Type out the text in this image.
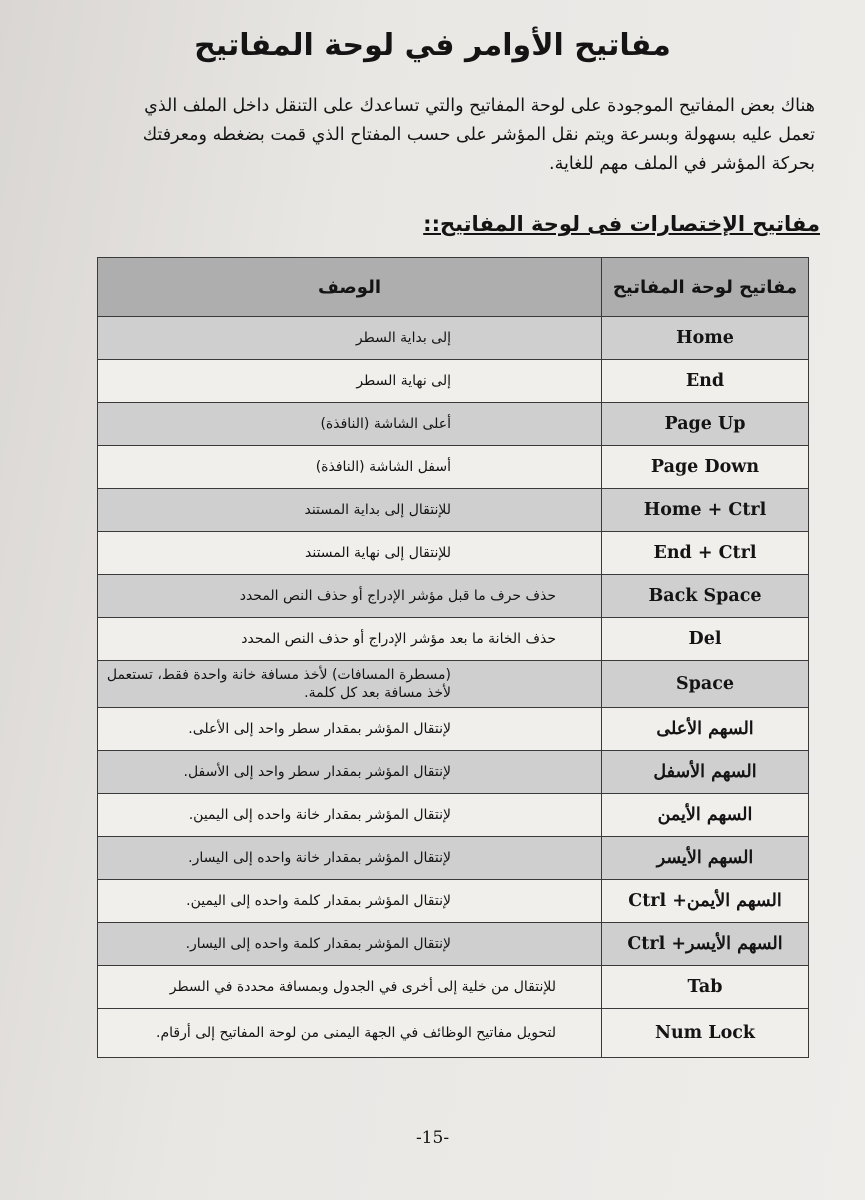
مفاتيح الأوامر في لوحة المفاتيح
هناك بعض المفاتيح الموجودة على لوحة المفاتيح والتي تساعدك على التنقل داخل الملف الذي
تعمل عليه بسهولة وبسرعة ويتم نقل المؤشر على حسب المفتاح الذي قمت بضغطه ومعرفتك
بحركة المؤشر في الملف مهم للغاية.
مفاتيح الإختصارات فى لوحة المفاتيح::
مفاتيح لوحة المفاتيح	الوصف
Home	إلى بداية السطر
End	إلى نهاية السطر
Page Up	أعلى الشاشة (النافذة)
Page Down	أسفل الشاشة (النافذة)
Home + Ctrl	للإنتقال إلى بداية المستند
End + Ctrl	للإنتقال إلى نهاية المستند
Back Space	حذف حرف ما قبل مؤشر الإدراج أو حذف النص المحدد
Del	حذف الخانة ما بعد مؤشر الإدراج أو حذف النص المحدد
Space	(مسطرة المسافات) لأخذ مسافة خانة واحدة فقط، تستعمل لأخذ مسافة بعد كل كلمة.
السهم الأعلى	لإنتقال المؤشر بمقدار سطر واحد إلى الأعلى.
السهم الأسفل	لإنتقال المؤشر بمقدار سطر واحد إلى الأسفل.
السهم الأيمن	لإنتقال المؤشر بمقدار خانة واحده إلى اليمين.
السهم الأيسر	لإنتقال المؤشر بمقدار خانة واحده إلى اليسار.
السهم الأيمن+ Ctrl	لإنتقال المؤشر بمقدار كلمة واحده إلى اليمين.
السهم الأيسر+ Ctrl	لإنتقال المؤشر بمقدار كلمة واحده إلى اليسار.
Tab	للإنتقال من خلية إلى أخرى في الجدول وبمسافة محددة في السطر
Num Lock	لتحويل مفاتيح الوظائف في الجهة اليمنى من لوحة المفاتيح إلى أرقام.
-15-
